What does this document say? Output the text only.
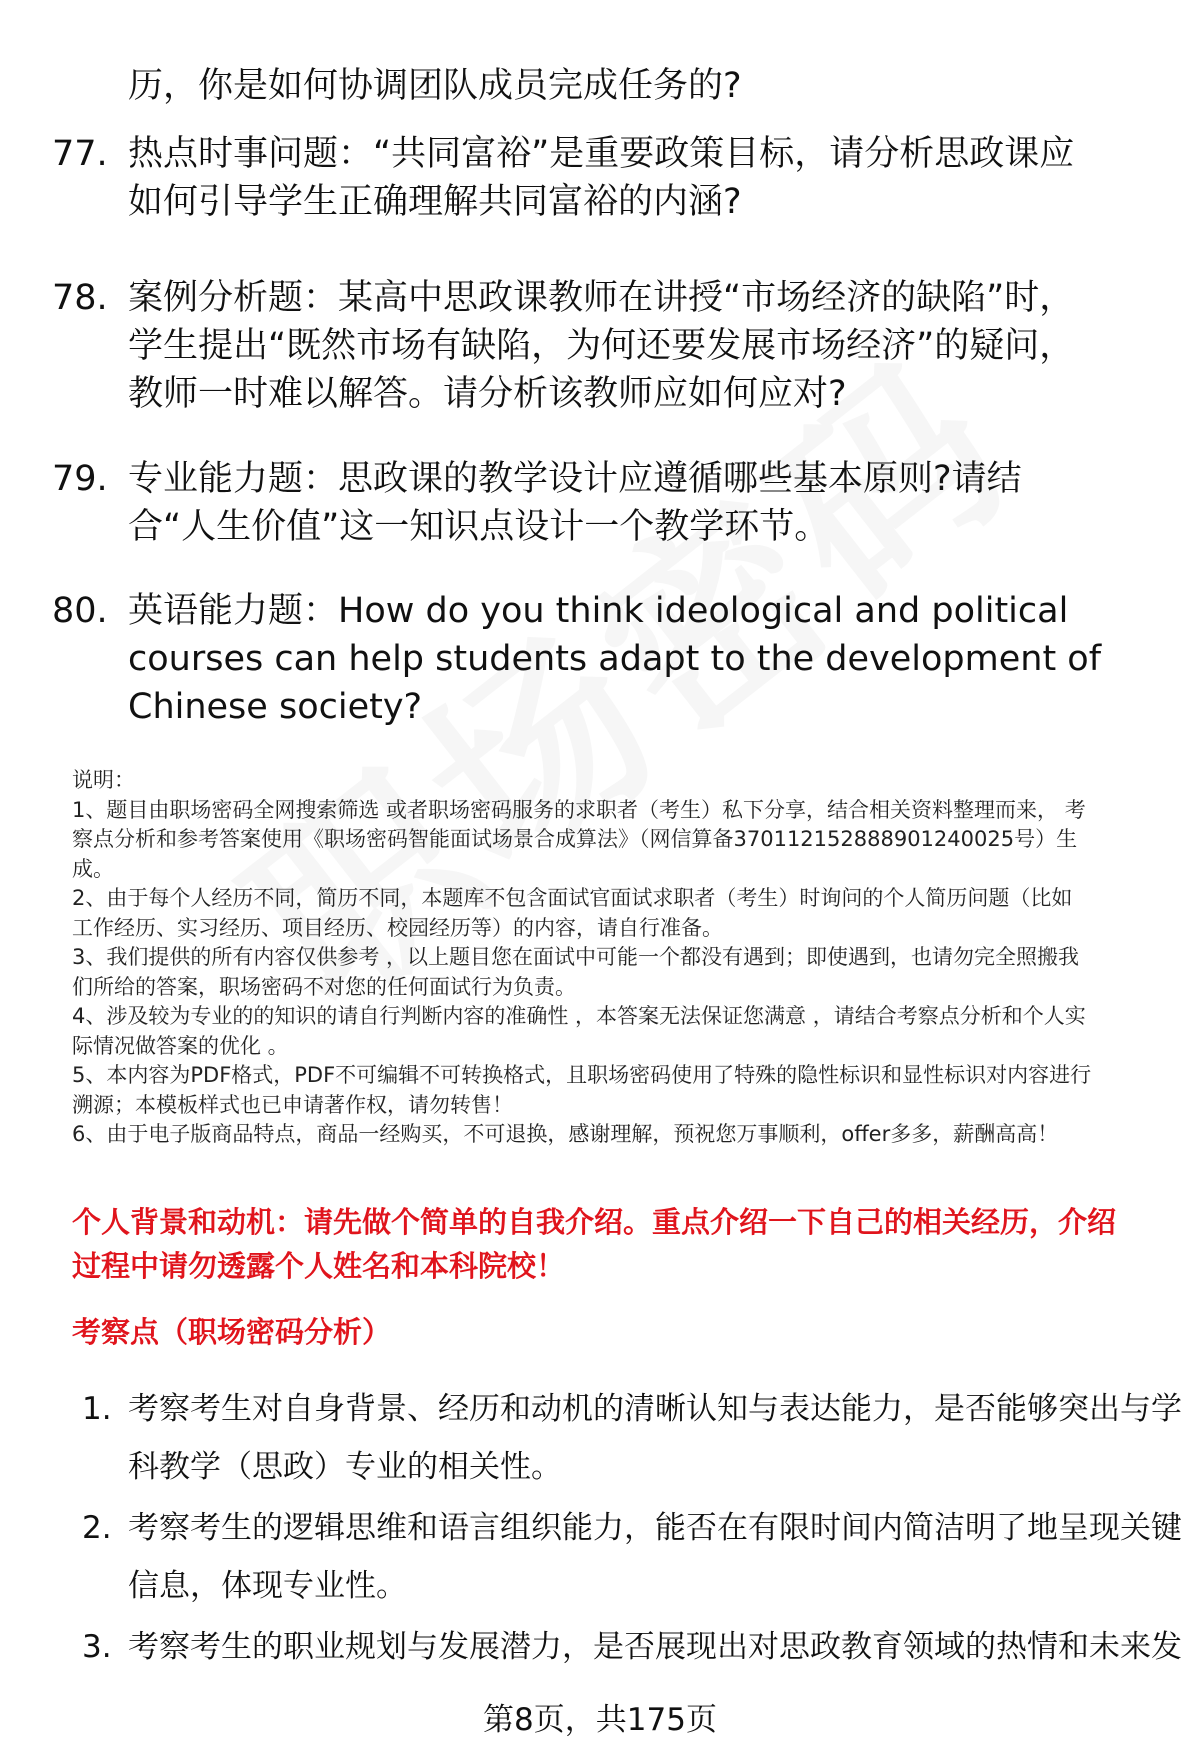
历，你是如何协调团队成员完成任务的?
77. 热点时事问题：“共同富裕”是重要政策目标，请分析思政课应
如何引导学生正确理解共同富裕的内涵?
78. 案例分析题：某高中思政课教师在讲授“市场经济的缺陷”时，
学生提出“既然市场有缺陷，为何还要发展市场经济”的疑问，
教师一时难以解答。请分析该教师应如何应对?
79. 专业能力题：思政课的教学设计应遵循哪些基本原则?请结
合“人生价值”这一知识点设计一个教学环节。
80. 英语能力题：How do you think ideological and political
courses can help students adapt to the development of
Chinese society?
说明：
1、题目由职场密码全网搜索筛选 或者职场密码服务的求职者（考生）私下分享，结合相关资料整理而来， 考
察点分析和参考答案使用《职场密码智能面试场景合成算法》（网信算备370112152888901240025号）生
成。
2、由于每个人经历不同，简历不同，本题库不包含面试官面试求职者（考生）时询问的个人简历问题（比如
工作经历、实习经历、项目经历、校园经历等）的内容，请自行准备。
3、我们提供的所有内容仅供参考 ，以上题目您在面试中可能一个都没有遇到；即使遇到，也请勿完全照搬我
们所给的答案，职场密码不对您的任何面试行为负责。
4、涉及较为专业的的知识的请自行判断内容的准确性 ，本答案无法保证您满意 ，请结合考察点分析和个人实
际情况做答案的优化 。
5、本内容为PDF格式，PDF不可编辑不可转换格式，且职场密码使用了特殊的隐性标识和显性标识对内容进行
溯源；本模板样式也已申请著作权，请勿转售！
6、由于电子版商品特点，商品一经购买，不可退换，感谢理解，预祝您万事顺利，offer多多，薪酬高高！
个人背景和动机：请先做个简单的自我介绍。重点介绍一下自己的相关经历，介绍
过程中请勿透露个人姓名和本科院校！
考察点（职场密码分析）
1. 考察考生对自身背景、经历和动机的清晰认知与表达能力，是否能够突出与学
科教学（思政）专业的相关性。
2. 考察考生的逻辑思维和语言组织能力，能否在有限时间内简洁明了地呈现关键
信息，体现专业性。
3. 考察考生的职业规划与发展潜力，是否展现出对思政教育领域的热情和未来发
第8页，共175页
